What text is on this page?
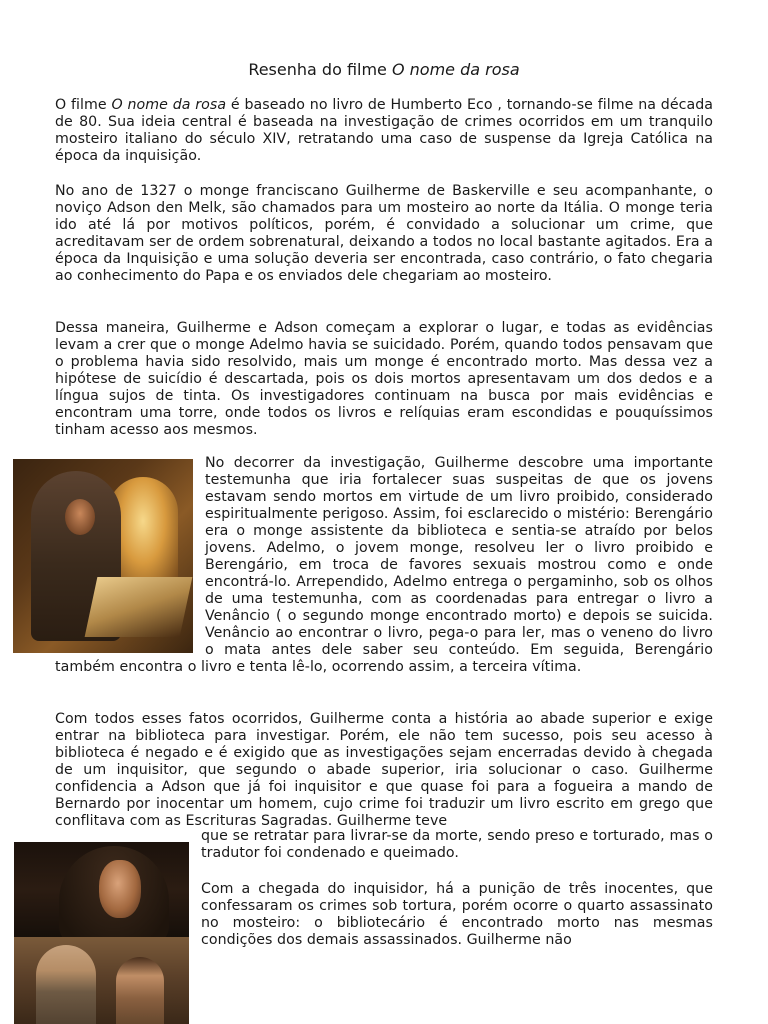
Resenha do filme O nome da rosa
O filme O nome da rosa é baseado no livro de Humberto Eco , tornando-se filme na década de 80. Sua ideia central é baseada na investigação de crimes ocorridos em um tranquilo mosteiro italiano do século XIV, retratando uma caso de suspense da Igreja Católica na época da inquisição.
No ano de 1327 o monge franciscano Guilherme de Baskerville e seu acompanhante, o noviço Adson den Melk, são chamados para um mosteiro ao norte da Itália. O monge teria ido até lá por motivos políticos, porém, é convidado a solucionar um crime, que acreditavam ser de ordem sobrenatural, deixando a todos no local bastante agitados. Era a época da Inquisição e uma solução deveria ser encontrada, caso contrário, o fato chegaria ao conhecimento do Papa e os enviados dele chegariam ao mosteiro.
Dessa maneira, Guilherme e Adson começam a explorar o lugar, e todas as evidências levam a crer que o monge Adelmo havia se suicidado. Porém, quando todos pensavam que o problema havia sido resolvido, mais um monge é encontrado morto. Mas dessa vez a hipótese de suicídio é descartada, pois os dois mortos apresentavam um dos dedos e a língua sujos de tinta. Os investigadores continuam na busca por mais evidências e encontram uma torre, onde todos os livros e relíquias eram escondidas e pouquíssimos tinham acesso aos mesmos.
No decorrer da investigação, Guilherme descobre uma importante testemunha que iria fortalecer suas suspeitas de que os jovens estavam sendo mortos em virtude de um livro proibido, considerado espiritualmente perigoso. Assim, foi esclarecido o mistério: Berengário era o monge assistente da biblioteca e sentia-se atraído por belos jovens. Adelmo, o jovem monge, resolveu ler o livro proibido e Berengário, em troca de favores sexuais mostrou como e onde encontrá-lo. Arrependido, Adelmo entrega o pergaminho, sob os olhos de uma testemunha, com as coordenadas para entregar o livro a Venâncio ( o segundo monge encontrado morto) e depois se suicida. Venâncio ao encontrar o livro, pega-o para ler, mas o veneno do livro o mata antes dele saber seu conteúdo. Em seguida, Berengário também encontra o livro e tenta lê-lo, ocorrendo assim, a terceira vítima.
Com todos esses fatos ocorridos, Guilherme conta a história ao abade superior e exige entrar na biblioteca para investigar. Porém, ele não tem sucesso, pois seu acesso à biblioteca é negado e é exigido que as investigações sejam encerradas devido à chegada de um inquisitor, que segundo o abade superior, iria solucionar o caso. Guilherme confidencia a Adson que já foi inquisitor e que quase foi para a fogueira a mando de Bernardo por inocentar um homem, cujo crime foi traduzir um livro escrito em grego que conflitava com as Escrituras Sagradas. Guilherme teve
que se retratar para livrar-se da morte, sendo preso e torturado, mas o tradutor foi condenado e queimado.
Com a chegada do inquisidor, há a punição de três inocentes, que confessaram os crimes sob tortura, porém ocorre o quarto assassinato no mosteiro: o bibliotecário é encontrado morto nas mesmas condições dos demais assassinados. Guilherme não
